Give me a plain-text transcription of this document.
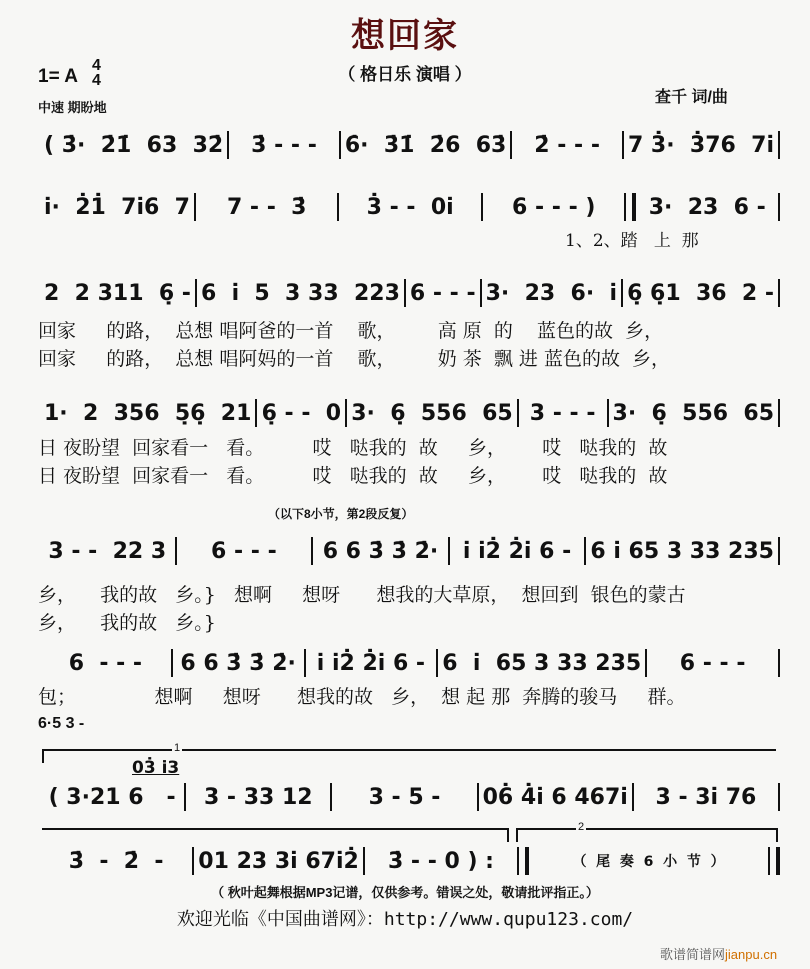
想回家
（ 格日乐 演唱 ）
1= A
4
4
中速 期盼地
查千 词/曲
( 3̇·  2̇1̇  63  32̇	3̇ - - -	6̇·  3̇1̇  2̇6  63̇	2̇ - - -	7 3̇·  3̇76  7i̇
i̇·  2̇1̇  7i̇6  7	7 - -  3̇	3̇ - -  0i̇	6 - - - )	3·  23  6 -
2  2 311  6̣ - 6  i̇  5  3 33  223 6 - - - 3·  23  6·  i̇ 6̣ 6̣1  36  2 -
1·  2  356  5̣6̣  21 6̣ - -  0 3·  6̣  556  65 3 - - - 3·  6̣  556  65
3 - -  22 3	6 - - -	6 6 3̇ 3̇ 2̇·	i̇ i̇2̇ 2̇i̇ 6 - 6 i̇ 65 3 33 235
6  - - -	6 6 3̇ 3̇ 2̇· i̇ i̇2̇ 2̇i̇ 6 - 6  i̇  65 3 33 235	6 - - -
( 3·21 6   -	3 - 33 12	3 - 5 -	06̇ 4̇i̇ 6 467i̇	3 - 3i̇ 76
3̇  -  2̇  -	01 23 3i̇ 67i̇2̇	3̇ - - 0 ) :	（  尾  奏  6  小  节  ）
1、2、踏   上  那
回家     的路，  总想 唱阿爸的一首    歌，       高 原  的    蓝色的故  乡，
回家     的路，  总想 唱阿妈的一首    歌，       奶 茶  飘 进 蓝色的故  乡，
日 夜盼望  回家看一   看。        哎   哒我的  故     乡，      哎   哒我的  故
日 夜盼望  回家看一   看。        哎   哒我的  故     乡，      哎   哒我的  故
（以下8小节，第2段反复）
乡，    我的故   乡。}   想啊     想呀      想我的大草原，  想回到  银色的蒙古
乡，    我的故   乡。}
包；             想啊     想呀      想我的故   乡，  想 起 那  奔腾的骏马     群。
6·5 3 -
1
03̇ i̇3
2
（ 秋叶起舞根据MP3记谱，仅供参考。错误之处，敬请批评指正。）
欢迎光临《中国曲谱网》：http://www.qupu123.com/
歌谱简谱网jianpu.cn
